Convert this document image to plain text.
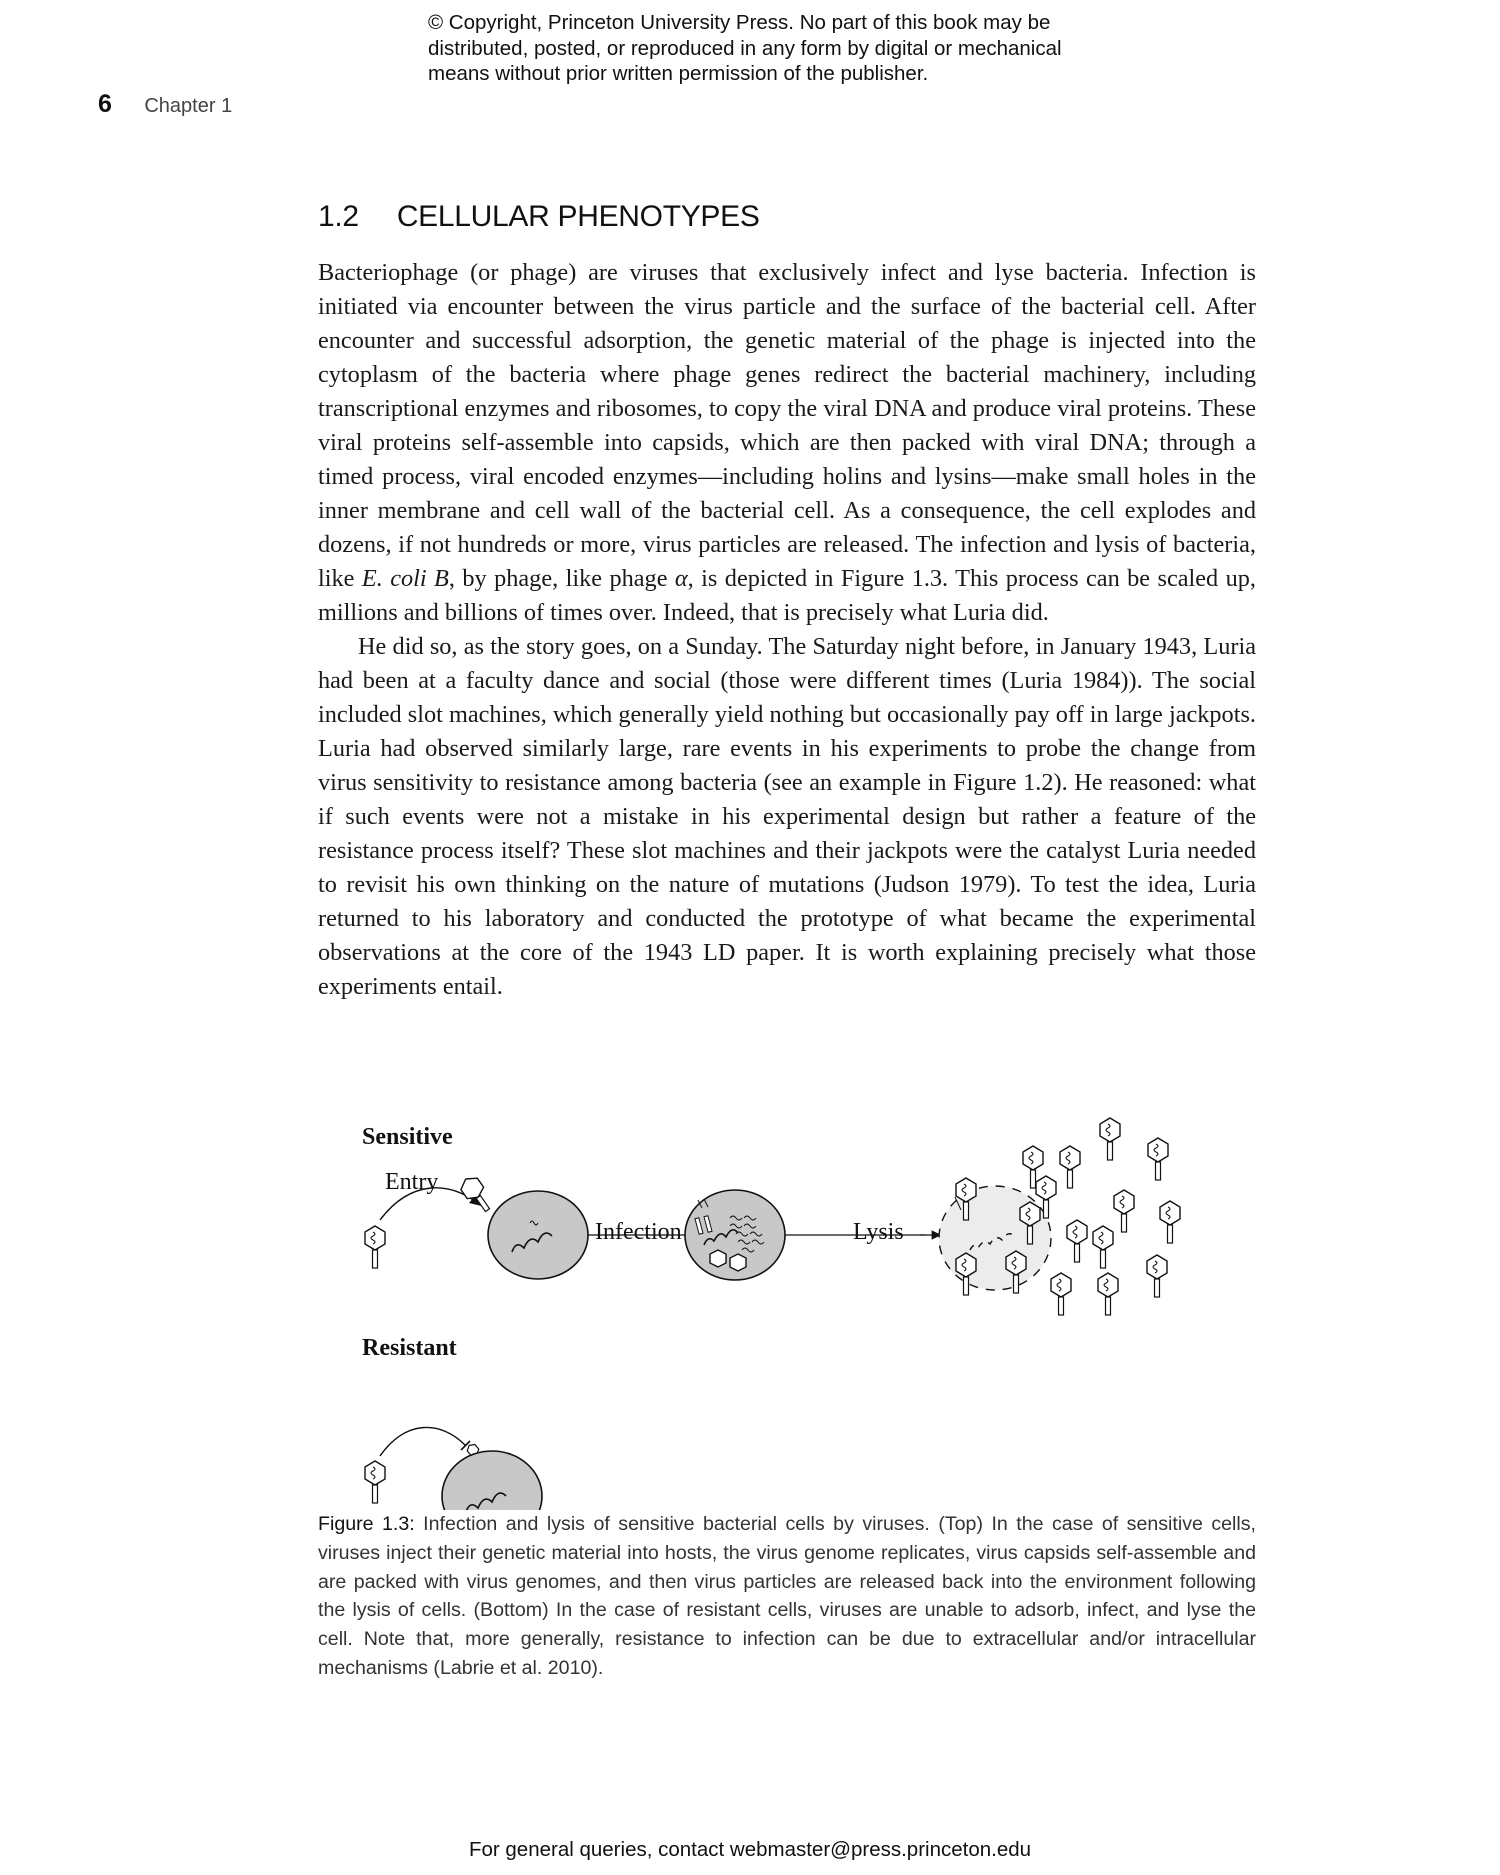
© Copyright, Princeton University Press. No part of this book may be
distributed, posted, or reproduced in any form by digital or mechanical
means without prior written permission of the publisher.
6 Chapter 1
1.2 CELLULAR PHENOTYPES

Bacteriophage (or phage) are viruses that exclusively infect and lyse bacteria. Infection is initiated via encounter between the virus particle and the surface of the bacterial cell. After encounter and successful adsorption, the genetic material of the phage is injected into the cytoplasm of the bacteria where phage genes redirect the bacterial machinery, including transcriptional enzymes and ribosomes, to copy the viral DNA and produce viral proteins. These viral proteins self-assemble into capsids, which are then packed with viral DNA; through a timed process, viral encoded enzymes—including holins and lysins—make small holes in the inner membrane and cell wall of the bacterial cell. As a consequence, the cell explodes and dozens, if not hundreds or more, virus particles are released. The infection and lysis of bacteria, like E. coli B, by phage, like phage α, is depicted in Figure 1.3. This process can be scaled up, millions and billions of times over. Indeed, that is precisely what Luria did.

He did so, as the story goes, on a Sunday. The Saturday night before, in January 1943, Luria had been at a faculty dance and social (those were different times (Luria 1984)). The social included slot machines, which generally yield nothing but occasionally pay off in large jackpots. Luria had observed similarly large, rare events in his experiments to probe the change from virus sensitivity to resistance among bacteria (see an example in Figure 1.2). He reasoned: what if such events were not a mistake in his experimental design but rather a feature of the resistance process itself? These slot machines and their jackpots were the catalyst Luria needed to revisit his own thinking on the nature of mutations (Judson 1979). To test the idea, Luria returned to his laboratory and conducted the prototype of what became the experimental observations at the core of the 1943 LD paper. It is worth explaining precisely what those experiments entail.

Sensitive
Entry
Infection	Lysis
Resistant
Figure 1.3: Infection and lysis of sensitive bacterial cells by viruses. (Top) In the case of sensitive cells, viruses inject their genetic material into hosts, the virus genome replicates, virus capsids self-assemble and are packed with virus genomes, and then virus particles are released back into the environment following the lysis of cells. (Bottom) In the case of resistant cells, viruses are unable to adsorb, infect, and lyse the cell. Note that, more generally, resistance to infection can be due to extracellular and/or intracellular mechanisms (Labrie et al. 2010).
For general queries, contact webmaster@press.princeton.edu
